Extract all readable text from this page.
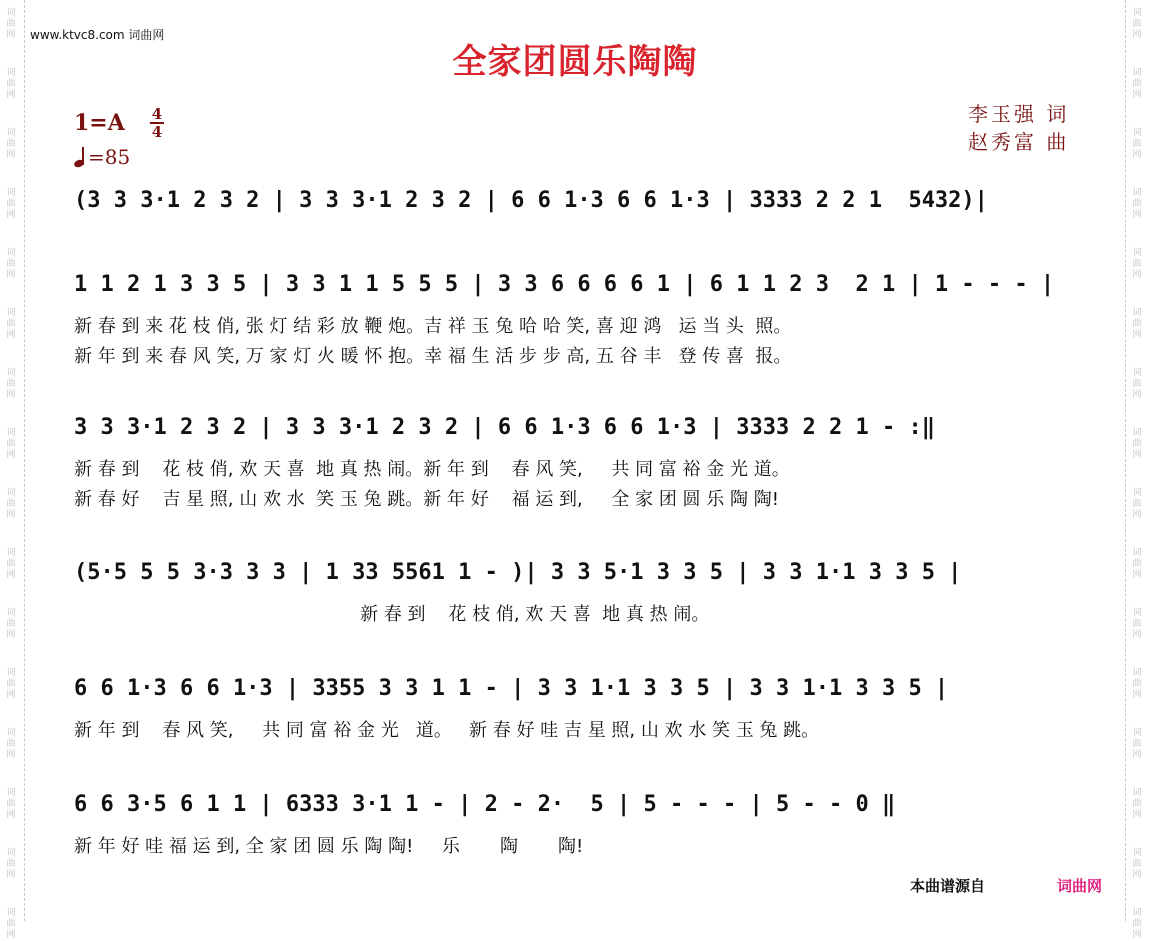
词
曲
网
词
曲
网
词
曲
网
词
曲
网
词
曲
网
词
曲
网
词
曲
网
词
曲
网
词
曲
网
词
曲
网
词
曲
网
词
曲
网
词
曲
网
词
曲
网
词
曲
网
词
曲
网
词
曲
网
词
曲
网
词
曲
网
词
曲
网
词
曲
网
词
曲
网
词
曲
网
词
曲
网
词
曲
网
词
曲
网
词
曲
网
词
曲
网
词
曲
网
词
曲
网
词
曲
网
词
曲
网
www.ktvc8.com 词曲网
全家团圆乐陶陶
1=A 4
4
=85
李玉强 词
赵秀富 曲
(3 3 3·1 2 3 2 | 3 3 3·1 2 3 2 | 6 6 1·3 6 6 1·3 | 3333 2 2 1  5432)|
1 1 2 1 3 3 5 | 3 3 1 1 5 5 5 | 3 3 6 6 6 6 1 | 6 1 1 2 3  2 1 | 1 - - - |
新 春 到 来 花 枝 俏, 张 灯 结 彩 放 鞭 炮。吉 祥 玉 兔 哈 哈 笑, 喜 迎 鸿   运 当 头  照。
新 年 到 来 春 风 笑, 万 家 灯 火 暖 怀 抱。幸 福 生 活 步 步 高, 五 谷 丰   登 传 喜  报。
3 3 3·1 2 3 2 | 3 3 3·1 2 3 2 | 6 6 1·3 6 6 1·3 | 3333 2 2 1 - :‖
新 春 到    花 枝 俏, 欢 天 喜  地 真 热 闹。新 年 到    春 风 笑,     共 同 富 裕 金 光 道。
新 春 好    吉 星 照, 山 欢 水  笑 玉 兔 跳。新 年 好    福 运 到,     全 家 团 圆 乐 陶 陶!
(5·5 5 5 3·3 3 3 | 1 33 5561 1 - )| 3 3 5·1 3 3 5 | 3 3 1·1 3 3 5 |
新 春 到    花 枝 俏, 欢 天 喜  地 真 热 闹。
6 6 1·3 6 6 1·3 | 3355 3 3 1 1 - | 3 3 1·1 3 3 5 | 3 3 1·1 3 3 5 |
新 年 到    春 风 笑,     共 同 富 裕 金 光   道。   新 春 好 哇 吉 星 照, 山 欢 水 笑 玉 兔 跳。
6 6 3·5 6 1 1 | 6333 3·1 1 - | 2 - 2·  5 | 5 - - - | 5 - - 0 ‖
新 年 好 哇 福 运 到, 全 家 团 圆 乐 陶 陶!     乐       陶       陶!
本曲谱源自	词曲网
